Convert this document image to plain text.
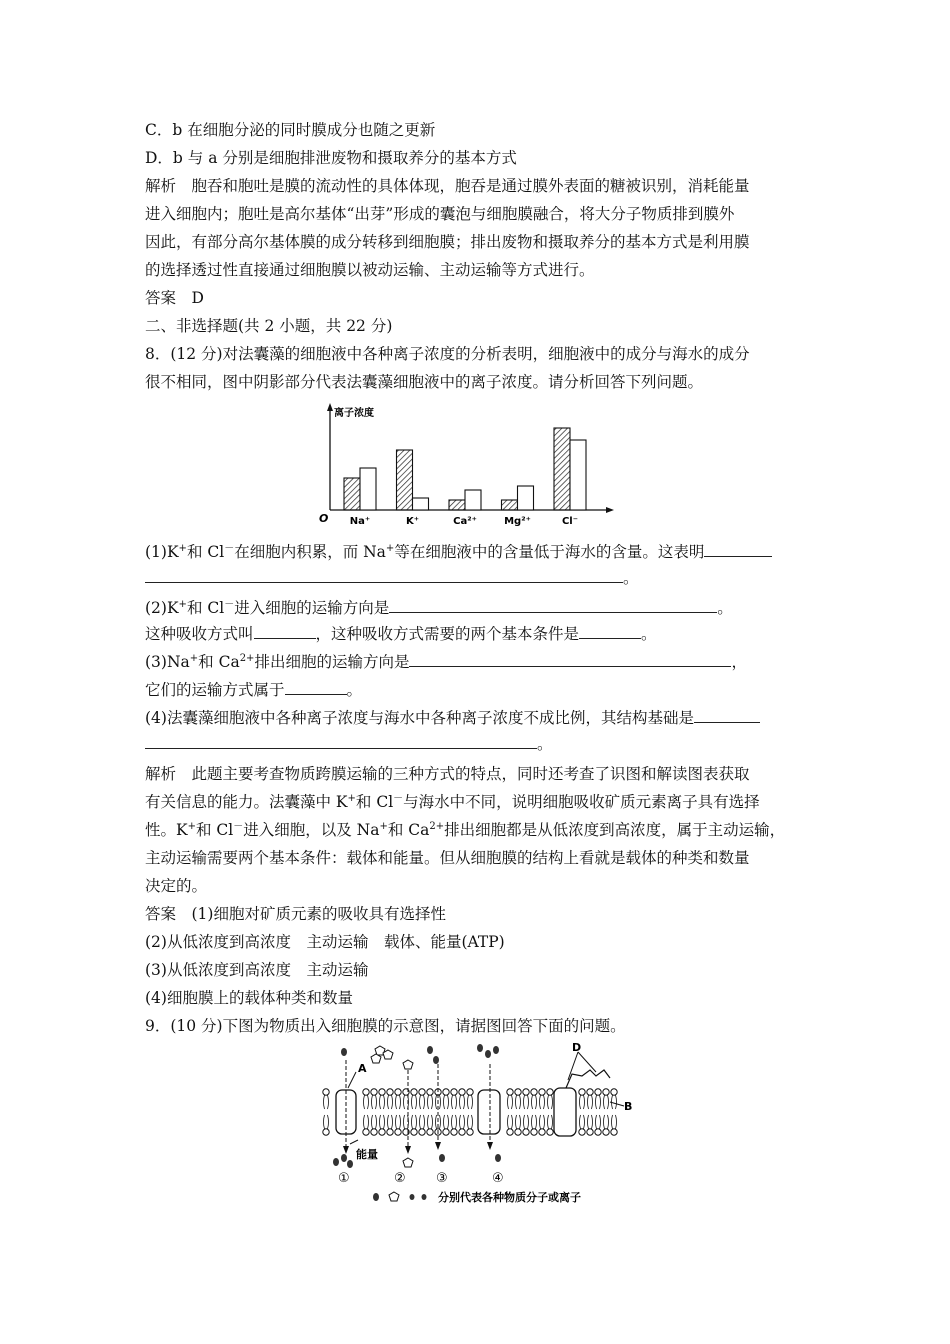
C．b 在细胞分泌的同时膜成分也随之更新
D．b 与 a 分别是细胞排泄废物和摄取养分的基本方式
解析　胞吞和胞吐是膜的流动性的具体体现，胞吞是通过膜外表面的糖被识别，消耗能量
进入细胞内；胞吐是高尔基体“出芽”形成的囊泡与细胞膜融合，将大分子物质排到膜外
因此，有部分高尔基体膜的成分转移到细胞膜；排出废物和摄取养分的基本方式是利用膜
的选择透过性直接通过细胞膜以被动运输、主动运输等方式进行。
答案　D
二、非选择题(共 2 小题，共 22 分)
8．(12 分)对法囊藻的细胞液中各种离子浓度的分析表明，细胞液中的成分与海水的成分
很不相同，图中阴影部分代表法囊藻细胞液中的离子浓度。请分析回答下列问题。
离子浓度
O Na⁺	K⁺	Ca²⁺	Mg²⁺	Cl⁻
(1)K+和 Cl－在细胞内积累，而 Na+等在细胞液中的含量低于海水的含量。这表明
。
(2)K+和 Cl－进入细胞的运输方向是	。
这种吸收方式叫	，这种吸收方式需要的两个基本条件是	。
(3)Na+和 $Ca^{2+}$排出细胞的运输方向是	，
它们的运输方式属于	。
(4)法囊藻细胞液中各种离子浓度与海水中各种离子浓度不成比例，其结构基础是
。
解析　此题主要考查物质跨膜运输的三种方式的特点，同时还考查了识图和解读图表获取
有关信息的能力。法囊藻中 K+和 Cl－与海水中不同，说明细胞吸收矿质元素离子具有选择
性。K+和 Cl－进入细胞，以及 Na+和 $Ca^{2+}$排出细胞都是从低浓度到高浓度，属于主动运输，
主动运输需要两个基本条件：载体和能量。但从细胞膜的结构上看就是载体的种类和数量
决定的。
答案　(1)细胞对矿质元素的吸收具有选择性
(2)从低浓度到高浓度　主动运输　载体、能量(ATP)
(3)从低浓度到高浓度　主动运输
(4)细胞膜上的载体种类和数量
9．(10 分)下图为物质出入细胞膜的示意图，请据图回答下面的问题。
D
B
A
能量
①	② ③	④
分别代表各种物质分子或离子
